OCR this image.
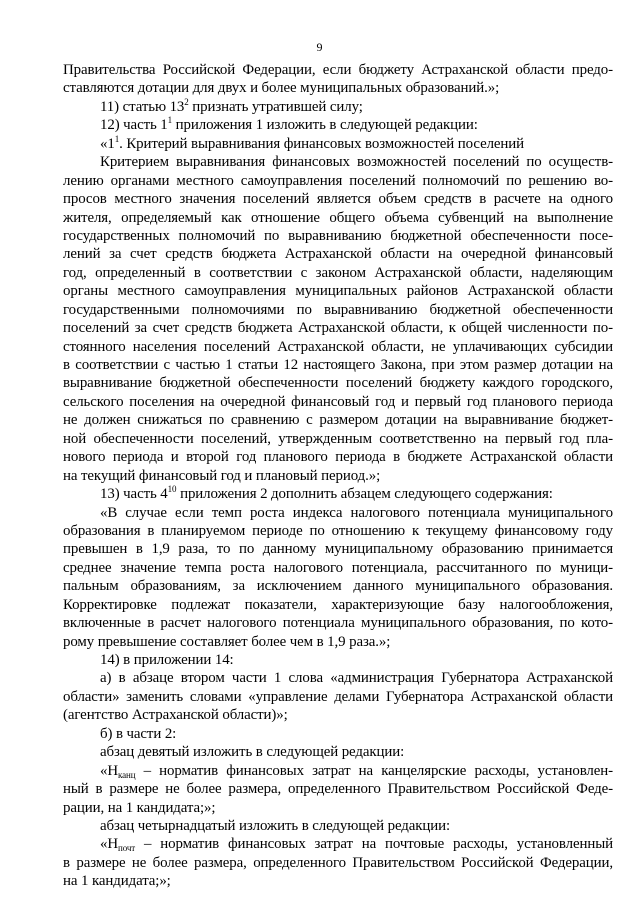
9
Правительства Российской Федерации, если бюджету Астраханской области предо-
ставляются дотации для двух и более муниципальных образований.»;
11) статью $13^2$ признать утратившей силу;
12) часть $1^1$ приложения 1 изложить в следующей редакции:
«$1^1$. Критерий выравнивания финансовых возможностей поселений
Критерием выравнивания финансовых возможностей поселений по осуществ-
лению органами местного самоуправления поселений полномочий по решению во-
просов местного значения поселений является объем средств в расчете на одного
жителя, определяемый как отношение общего объема субвенций на выполнение
государственных полномочий по выравниванию бюджетной обеспеченности посе-
лений за счет средств бюджета Астраханской области на очередной финансовый
год, определенный в соответствии с законом Астраханской области, наделяющим
органы местного самоуправления муниципальных районов Астраханской области
государственными полномочиями по выравниванию бюджетной обеспеченности
поселений за счет средств бюджета Астраханской области, к общей численности по-
стоянного населения поселений Астраханской области, не уплачивающих субсидии
в соответствии с частью 1 статьи 12 настоящего Закона, при этом размер дотации на
выравнивание бюджетной обеспеченности поселений бюджету каждого городского,
сельского поселения на очередной финансовый год и первый год планового периода
не должен снижаться по сравнению с размером дотации на выравнивание бюджет-
ной обеспеченности поселений, утвержденным соответственно на первый год пла-
нового периода и второй год планового периода в бюджете Астраханской области
на текущий финансовый год и плановый период.»;
13) часть $4^{10}$ приложения 2 дополнить абзацем следующего содержания:
«В случае если темп роста индекса налогового потенциала муниципального
образования в планируемом периоде по отношению к текущему финансовому году
превышен в 1,9 раза, то по данному муниципальному образованию принимается
среднее значение темпа роста налогового потенциала, рассчитанного по муници-
пальным образованиям, за исключением данного муниципального образования.
Корректировке подлежат показатели, характеризующие базу налогообложения,
включенные в расчет налогового потенциала муниципального образования, по кото-
рому превышение составляет более чем в 1,9 раза.»;
14) в приложении 14:
а) в абзаце втором части 1 слова «администрация Губернатора Астраханской
области» заменить словами «управление делами Губернатора Астраханской области
(агентство Астраханской области)»;
б) в части 2:
абзац девятый изложить в следующей редакции:
«$Н_{канц}$ – норматив финансовых затрат на канцелярские расходы, установлен-
ный в размере не более размера, определенного Правительством Российской Феде-
рации, на 1 кандидата;»;
абзац четырнадцатый изложить в следующей редакции:
«$Н_{почт}$ – норматив финансовых затрат на почтовые расходы, установленный
в размере не более размера, определенного Правительством Российской Федерации,
на 1 кандидата;»;
